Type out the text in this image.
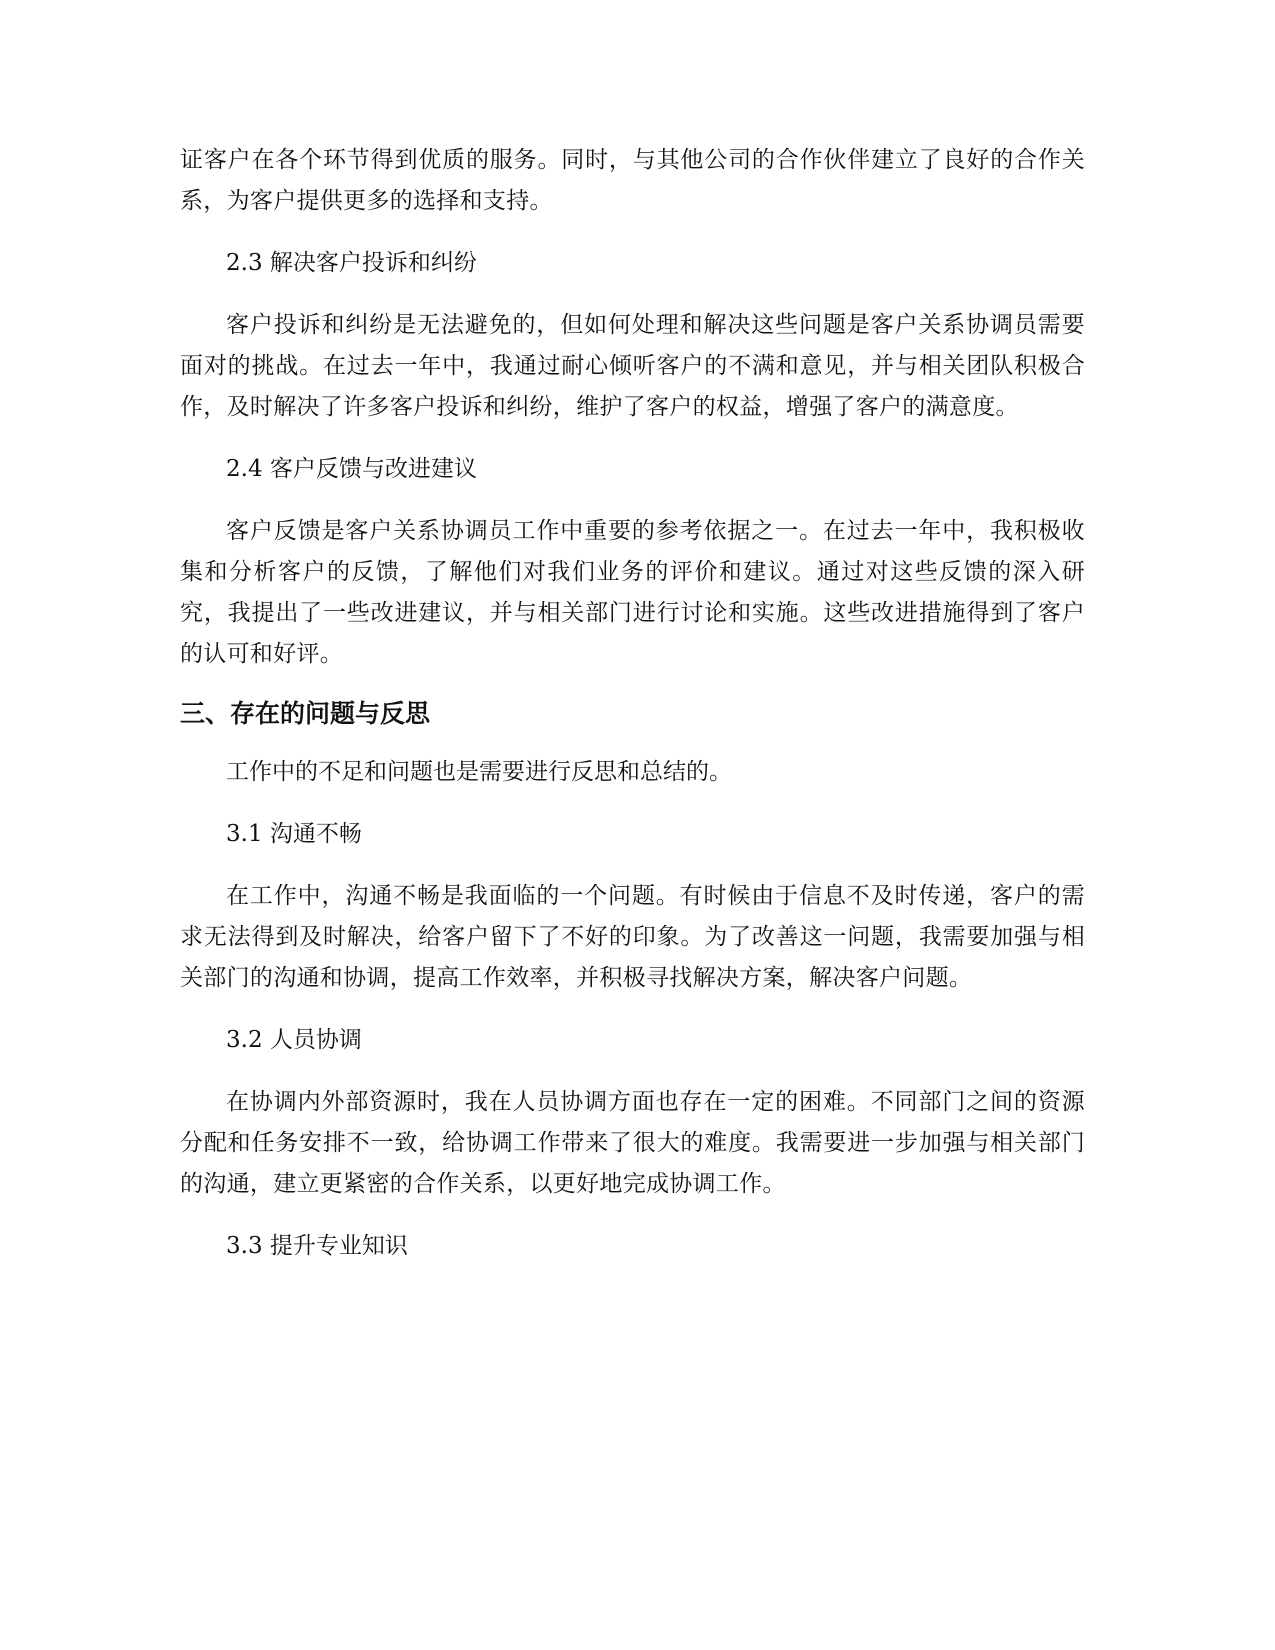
证客户在各个环节得到优质的服务。同时，与其他公司的合作伙伴建立了良好的合作关系，为客户提供更多的选择和支持。

2.3 解决客户投诉和纠纷

客户投诉和纠纷是无法避免的，但如何处理和解决这些问题是客户关系协调员需要面对的挑战。在过去一年中，我通过耐心倾听客户的不满和意见，并与相关团队积极合作，及时解决了许多客户投诉和纠纷，维护了客户的权益，增强了客户的满意度。

2.4 客户反馈与改进建议

客户反馈是客户关系协调员工作中重要的参考依据之一。在过去一年中，我积极收集和分析客户的反馈，了解他们对我们业务的评价和建议。通过对这些反馈的深入研究，我提出了一些改进建议，并与相关部门进行讨论和实施。这些改进措施得到了客户的认可和好评。

三、存在的问题与反思

工作中的不足和问题也是需要进行反思和总结的。

3.1 沟通不畅

在工作中，沟通不畅是我面临的一个问题。有时候由于信息不及时传递，客户的需求无法得到及时解决，给客户留下了不好的印象。为了改善这一问题，我需要加强与相关部门的沟通和协调，提高工作效率，并积极寻找解决方案，解决客户问题。

3.2 人员协调

在协调内外部资源时，我在人员协调方面也存在一定的困难。不同部门之间的资源分配和任务安排不一致，给协调工作带来了很大的难度。我需要进一步加强与相关部门的沟通，建立更紧密的合作关系，以更好地完成协调工作。

3.3 提升专业知识
